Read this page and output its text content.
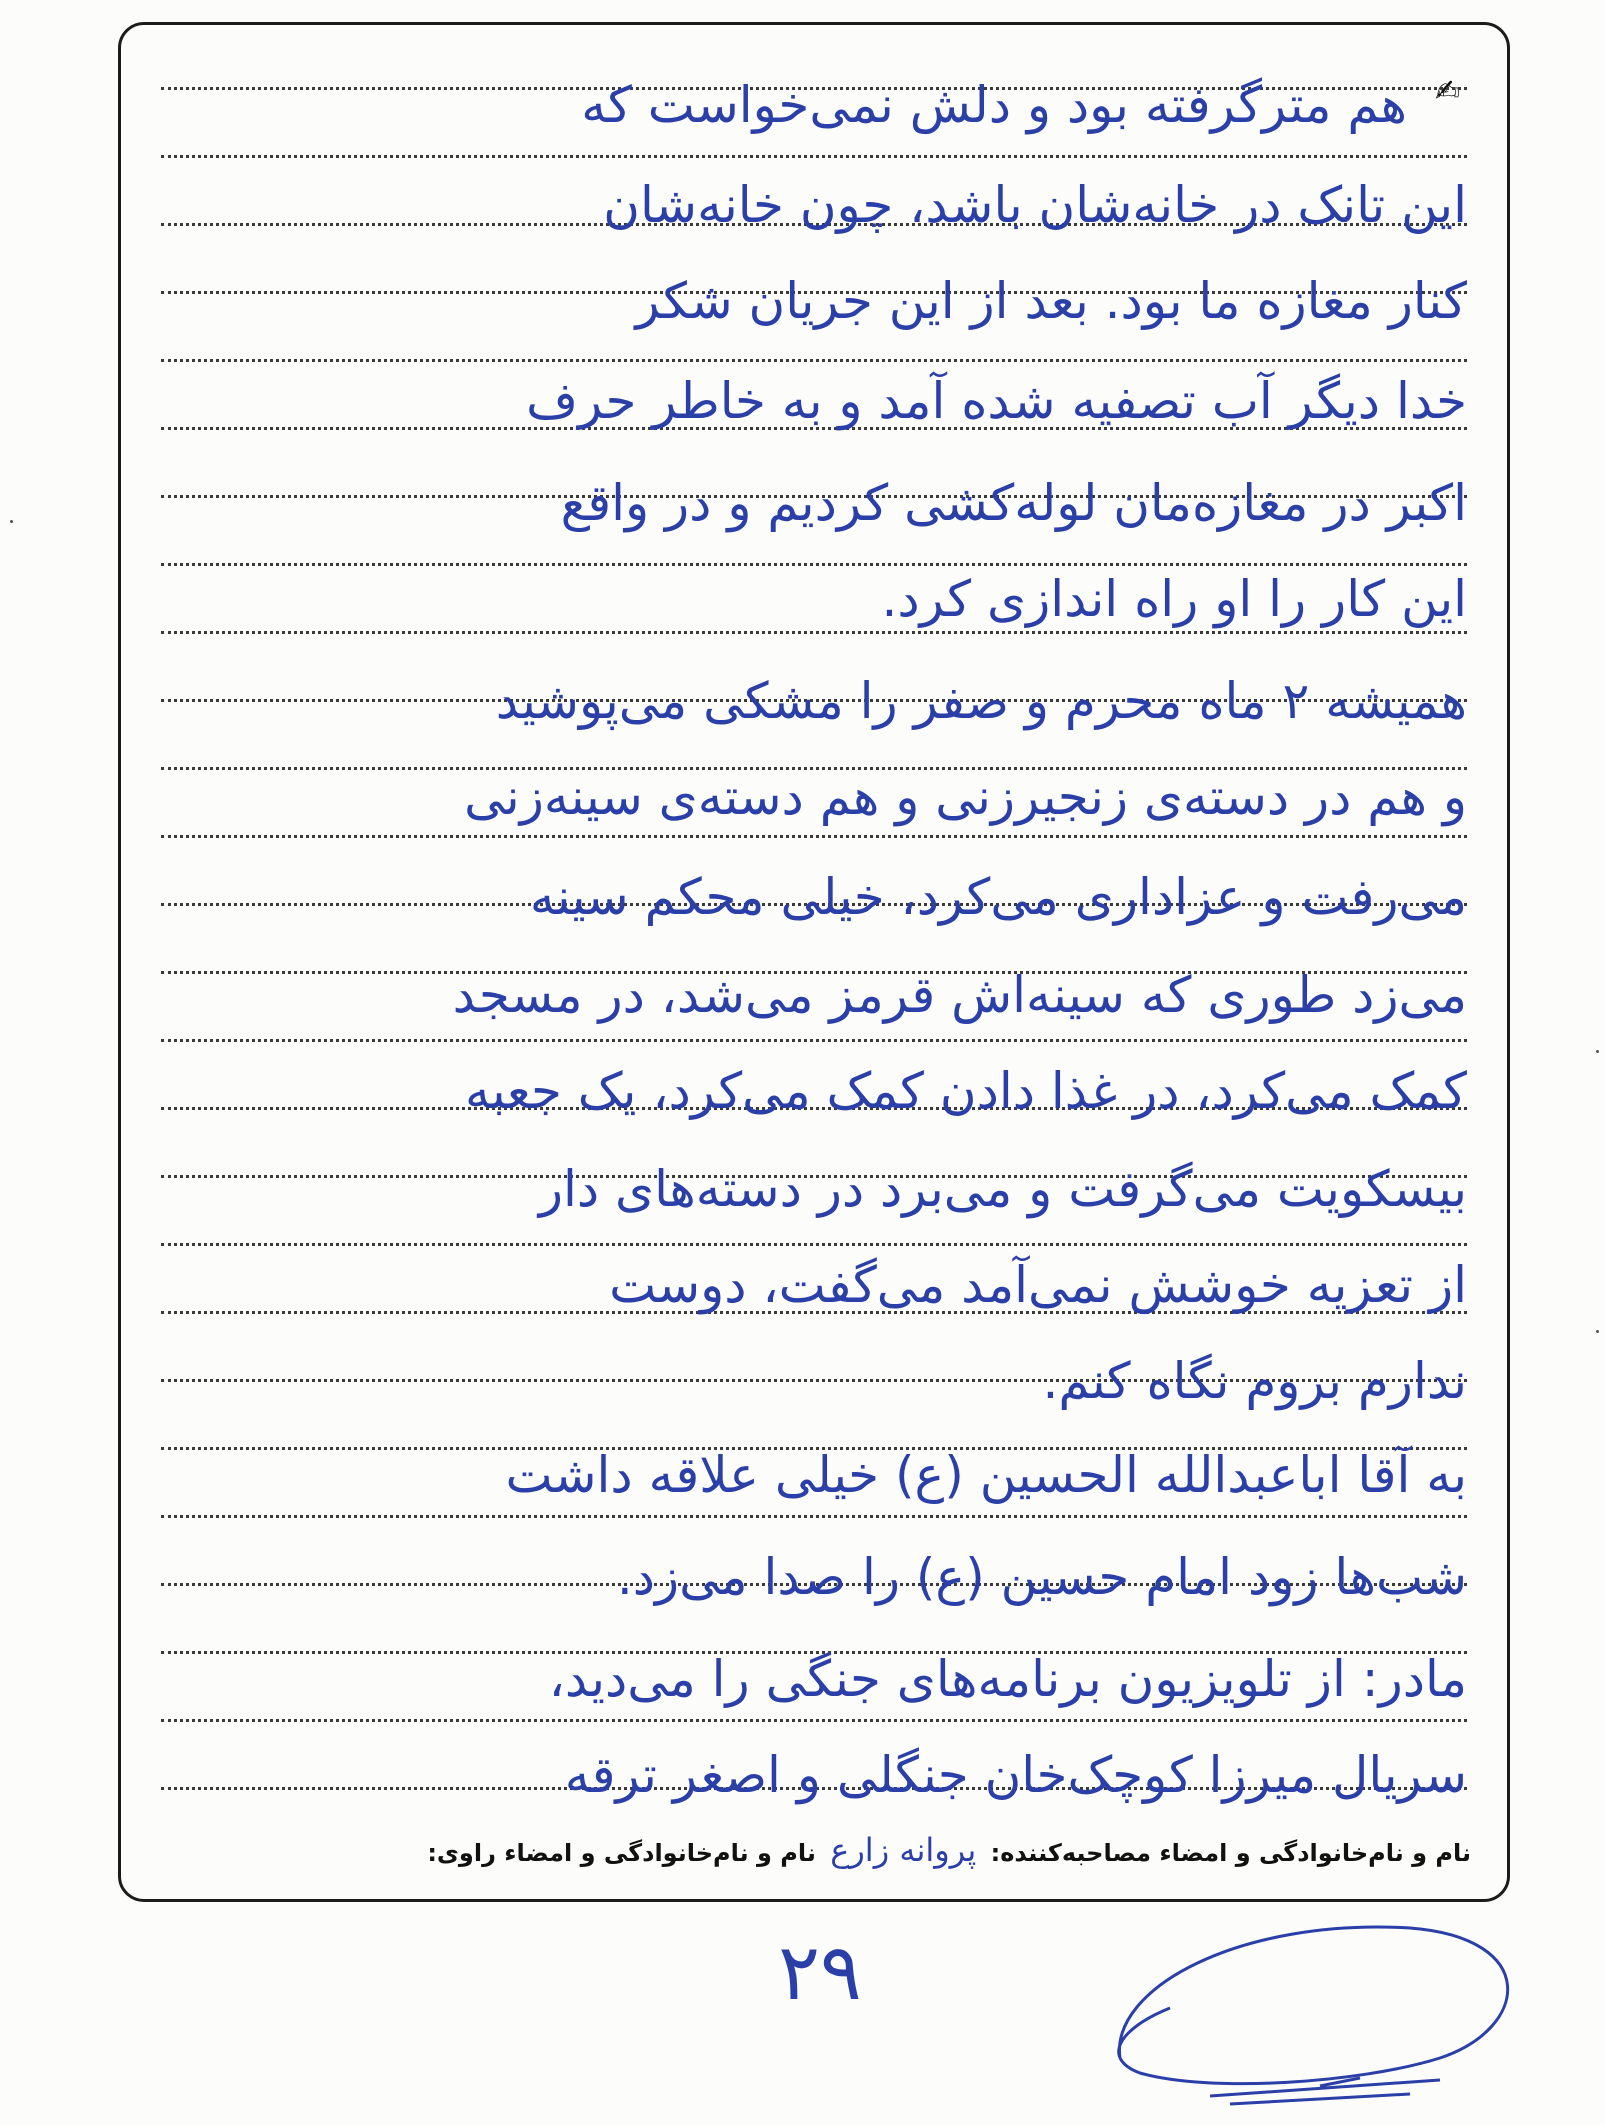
✍
هم مترگرفته بود و دلش نمی‌خواست که
این تانک در خانه‌شان باشد، چون خانه‌شان
کنار مغازه ما بود. بعد از این جریان شکر
خدا دیگر آب تصفیه شده آمد و به خاطر حرف
اکبر در مغازه‌مان لوله‌کشی کردیم و در واقع
این کار را او راه اندازی کرد.
همیشه ۲ ماه محرم و صفر را مشکی می‌پوشید
و هم در دسته‌ی زنجیرزنی و هم دسته‌ی سینه‌زنی
می‌رفت و عزاداری می‌کرد، خیلی محکم سینه
می‌زد طوری که سینه‌اش قرمز می‌شد، در مسجد
کمک می‌کرد، در غذا دادن کمک می‌کرد، یک جعبه
بیسکویت می‌گرفت و می‌برد در دسته‌های دار
از تعزیه خوشش نمی‌آمد می‌گفت، دوست
ندارم بروم نگاه کنم.
به آقا اباعبدالله الحسین (ع) خیلی علاقه داشت
شب‌ها زود امام حسین (ع) را صدا می‌زد.
مادر: از تلویزیون برنامه‌های جنگی را می‌دید،
سریال میرزا کوچک‌خان جنگلی و اصغر ترقه
نام و نام‌خانوادگی و امضاء مصاحبه‌کننده: پروانه زارع نام و نام‌خانوادگی و امضاء راوی:
۲۹
